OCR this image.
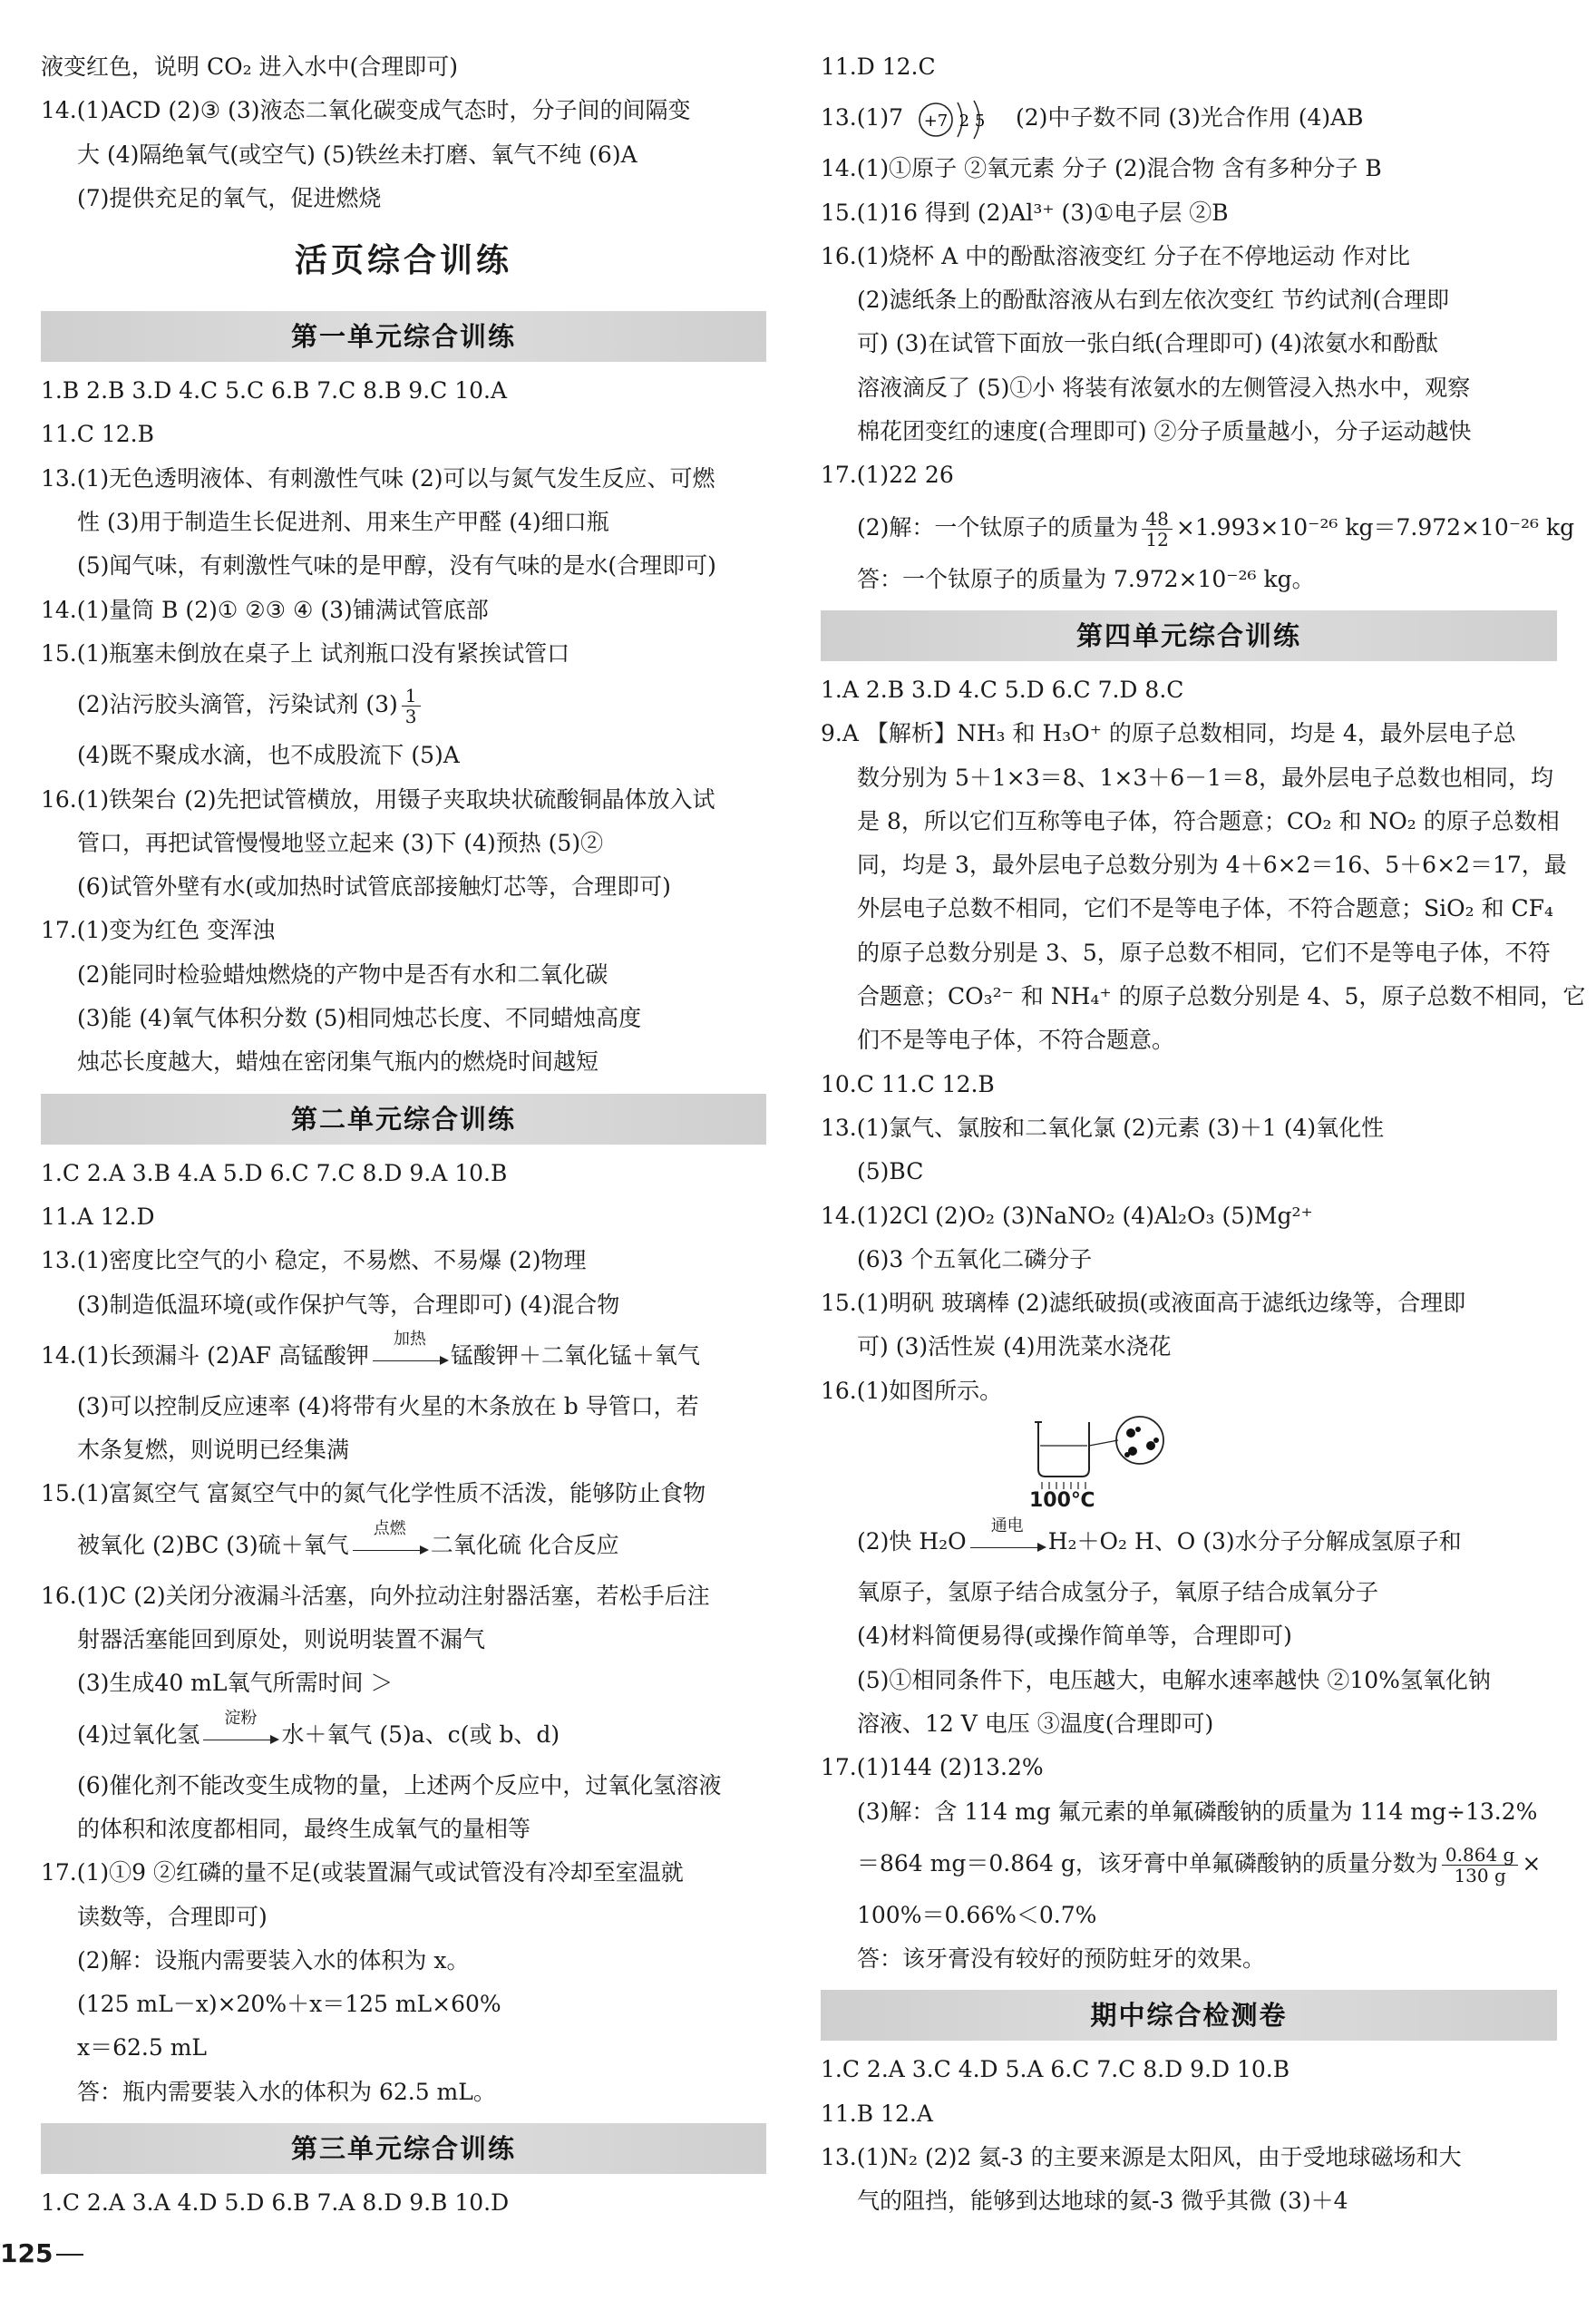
液变红色，说明 CO₂ 进入水中(合理即可)
14.(1)ACD (2)③ (3)液态二氧化碳变成气态时，分子间的间隔变
大 (4)隔绝氧气(或空气) (5)铁丝未打磨、氧气不纯 (6)A
(7)提供充足的氧气，促进燃烧
活页综合训练
第一单元综合训练
1.B 2.B 3.D 4.C 5.C 6.B 7.C 8.B 9.C 10.A
11.C 12.B
13.(1)无色透明液体、有刺激性气味 (2)可以与氮气发生反应、可燃
性 (3)用于制造生长促进剂、用来生产甲醛 (4)细口瓶
(5)闻气味，有刺激性气味的是甲醇，没有气味的是水(合理即可)
14.(1)量筒 B (2)① ②③ ④ (3)铺满试管底部
15.(1)瓶塞未倒放在桌子上 试剂瓶口没有紧挨试管口
(2)沾污胶头滴管，污染试剂 $(3) \frac{1}{3}$
(4)既不聚成水滴，也不成股流下 (5)A
16.(1)铁架台 (2)先把试管横放，用镊子夹取块状硫酸铜晶体放入试
管口，再把试管慢慢地竖立起来 (3)下 (4)预热 (5)②
(6)试管外壁有水(或加热时试管底部接触灯芯等，合理即可)
17.(1)变为红色 变浑浊
(2)能同时检验蜡烛燃烧的产物中是否有水和二氧化碳
(3)能 (4)氧气体积分数 (5)相同烛芯长度、不同蜡烛高度
烛芯长度越大，蜡烛在密闭集气瓶内的燃烧时间越短
第二单元综合训练
1.C 2.A 3.B 4.A 5.D 6.C 7.C 8.D 9.A 10.B
11.A 12.D
13.(1)密度比空气的小 稳定，不易燃、不易爆 (2)物理
(3)制造低温环境(或作保护气等，合理即可) (4)混合物
14.(1)长颈漏斗 (2)AF 高锰酸钾
加热
锰酸钾＋二氧化锰＋氧气
(3)可以控制反应速率 (4)将带有火星的木条放在 b 导管口，若
木条复燃，则说明已经集满
15.(1)富氮空气 富氮空气中的氮气化学性质不活泼，能够防止食物
被氧化 (2)BC (3)硫＋氧气
点燃
二氧化硫 化合反应
16.(1)C (2)关闭分液漏斗活塞，向外拉动注射器活塞，若松手后注
射器活塞能回到原处，则说明装置不漏气
(3)生成40 mL氧气所需时间 ＞
(4)过氧化氢
淀粉
水＋氧气 (5)a、c(或 b、d)
(6)催化剂不能改变生成物的量，上述两个反应中，过氧化氢溶液
的体积和浓度都相同，最终生成氧气的量相等
17.(1)①9 ②红磷的量不足(或装置漏气或试管没有冷却至室温就
读数等，合理即可)
(2)解：设瓶内需要装入水的体积为 x。
(125 mL－x)×20%＋x＝125 mL×60%
x＝62.5 mL
答：瓶内需要装入水的体积为 62.5 mL。
第三单元综合训练
1.C 2.A 3.A 4.D 5.D 6.B 7.A 8.D 9.B 10.D
11.D 12.C
13.(1)7 +7 2 5 (2)中子数不同 (3)光合作用 (4)AB
14.(1)①原子 ②氧元素 分子 (2)混合物 含有多种分子 B
15.(1)16 得到 (2)Al³⁺ (3)①电子层 ②B
16.(1)烧杯 A 中的酚酞溶液变红 分子在不停地运动 作对比
(2)滤纸条上的酚酞溶液从右到左依次变红 节约试剂(合理即
可) (3)在试管下面放一张白纸(合理即可) (4)浓氨水和酚酞
溶液滴反了 (5)①小 将装有浓氨水的左侧管浸入热水中，观察
棉花团变红的速度(合理即可) ②分子质量越小，分子运动越快
17.(1)22 26
(2)解：一个钛原子的质量为 $\frac{48}{12} \times 1.993\times 10^{-26}$ kg＝7.972×10⁻²⁶ kg
答：一个钛原子的质量为 7.972×10⁻²⁶ kg。
第四单元综合训练
1.A 2.B 3.D 4.C 5.D 6.C 7.D 8.C
9.A 【解析】NH₃ 和 H₃O⁺ 的原子总数相同，均是 4，最外层电子总
数分别为 5＋1×3＝8、1×3＋6－1＝8，最外层电子总数也相同，均
是 8，所以它们互称等电子体，符合题意；CO₂ 和 NO₂ 的原子总数相
同，均是 3，最外层电子总数分别为 4＋6×2＝16、5＋6×2＝17，最
外层电子总数不相同，它们不是等电子体，不符合题意；SiO₂ 和 CF₄
的原子总数分别是 3、5，原子总数不相同，它们不是等电子体，不符
合题意；CO₃²⁻ 和 NH₄⁺ 的原子总数分别是 4、5，原子总数不相同，它
们不是等电子体，不符合题意。
10.C 11.C 12.B
13.(1)氯气、氯胺和二氧化氯 (2)元素 (3)＋1 (4)氧化性
(5)BC
14.(1)2Cl (2)O₂ (3)NaNO₂ (4)Al₂O₃ (5)Mg²⁺
(6)3 个五氧化二磷分子
15.(1)明矾 玻璃棒 (2)滤纸破损(或液面高于滤纸边缘等，合理即
可) (3)活性炭 (4)用洗菜水浇花
16.(1)如图所示。
100℃
(2)快 H₂O
通电
H₂＋O₂ H、O (3)水分子分解成氢原子和
氧原子，氢原子结合成氢分子，氧原子结合成氧分子
(4)材料简便易得(或操作简单等，合理即可)
(5)①相同条件下，电压越大，电解水速率越快 ②10%氢氧化钠
溶液、12 V 电压 ③温度(合理即可)
17.(1)144 (2)13.2%
(3)解：含 114 mg 氟元素的单氟磷酸钠的质量为 114 mg÷13.2%
＝864 mg＝0.864 g，该牙膏中单氟磷酸钠的质量分数为 $\frac{0.864 g}{130 g}$ ×
100%＝0.66%＜0.7%
答：该牙膏没有较好的预防蛀牙的效果。
期中综合检测卷
1.C 2.A 3.C 4.D 5.A 6.C 7.C 8.D 9.D 10.B
11.B 12.A
13.(1)N₂ (2)2 氦-3 的主要来源是太阳风，由于受地球磁场和大
气的阻挡，能够到达地球的氦-3 微乎其微 (3)＋4
125
